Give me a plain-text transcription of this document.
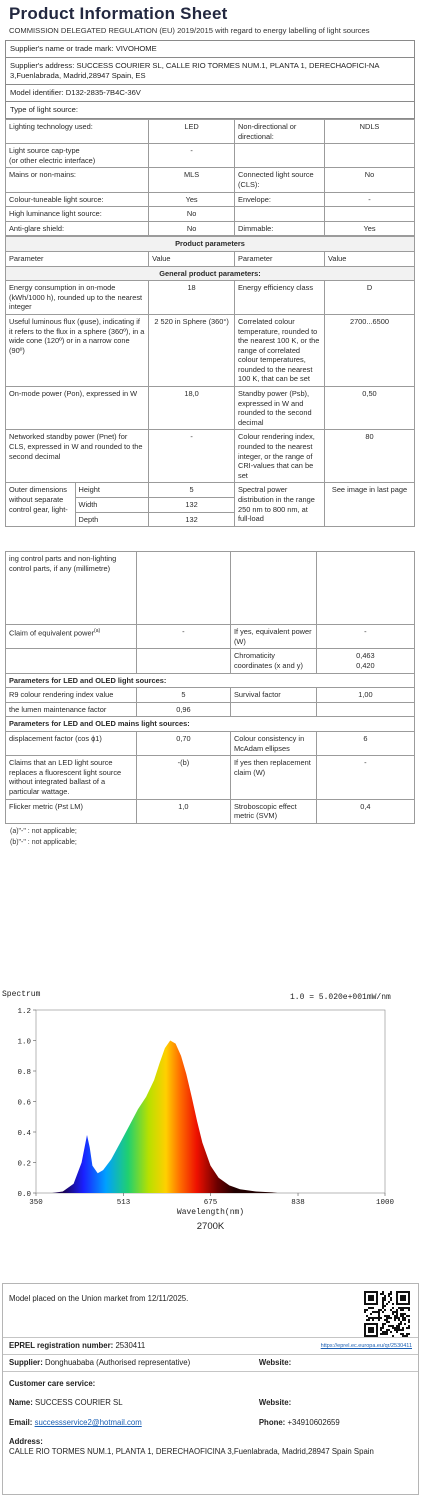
Product Information Sheet
COMMISSION DELEGATED REGULATION (EU) 2019/2015 with regard to energy labelling of light sources
Supplier's name or trade mark: VIVOHOME
Supplier's address: SUCCESS COURIER SL, CALLE RIO TORMES NUM.1, PLANTA 1, DERECHAOFICI-NA 3,Fuenlabrada, Madrid,28947 Spain, ES
Model identifier: D132-2835-7B4C-36V
Type of light source:
Lighting technology used:	LED	Non-directional or directional:	NDLS
Light source cap-type
(or other electric interface)	-		
Mains or non-mains:	MLS	Connected light source (CLS):	No
Colour-tuneable light source:	Yes	Envelope:	-
High luminance light source:	No		
Anti-glare shield:	No	Dimmable:	Yes
Product parameters				
Parameter		Value	Parameter	Value
General product parameters:				
Energy consumption in on-mode (kWh/1000 h), rounded up to the nearest integer		18	Energy efficiency class	D
Useful luminous flux (φuse), indicating if it refers to the flux in a sphere (360º), in a wide cone (120º) or in a narrow cone (90º)		2 520 in Sphere (360°)	Correlated colour temperature, rounded to the nearest 100 K, or the range of correlated colour temperatures, rounded to the nearest 100 K, that can be set	2700...6500
On-mode power (Pon), expressed in W		18,0	Standby power (Psb), expressed in W and rounded to the second decimal	0,50
Networked standby power (Pnet) for CLS, expressed in W and rounded to the second decimal		-	Colour rendering index, rounded to the nearest integer, or the range of CRI-values that can be set	80
Outer dimensions without separate control gear, light-	Height	5	Spectral power distribution in the range 250 nm to 800 nm, at full-load	See image in last page
	Width	132		
	Depth	132		
ing control parts and non-lighting control parts, if any (millimetre)			
Claim of equivalent power$^{(a)}$	-	If yes, equivalent power (W)	-
		Chromaticity coordinates (x and y)	0,463
0,420

Parameters for LED and OLED light sources:			
R9 colour rendering index value	5	Survival factor	1,00
the lumen maintenance factor	0,96		
Parameters for LED and OLED mains light sources:			
displacement factor (cos ϕ1)	0,70	Colour consistency in McAdam ellipses	6
Claims that an LED light source replaces a fluorescent light source without integrated ballast of a particular wattage.	-(b)	If yes then replacement claim (W)	-
Flicker metric (Pst LM)	1,0	Stroboscopic effect metric (SVM)	0,4
(a)"-" : not applicable;
(b)"-" : not applicable;
0.0
0.2
0.4
0.6
0.8
1.0
1.2
350	513	675	838	1000
Spectrum	1.0 = 5.020e+001mW/nm
Wavelength(nm)
2700K
Model placed on the Union market from 12/11/2025.
EPREL registration number: 2530411	https://eprel.ec.europa.eu/qr/2530411
Supplier: Donghuababa (Authorised representative)	Website:
Customer care service:
Name: SUCCESS COURIER SL	Website:
Email: successservice2@hotmail.com	Phone: +34910602659
Address:
CALLE RIO TORMES NUM.1, PLANTA 1, DERECHAOFICINA 3,Fuenlabrada, Madrid,28947 Spain Spain
